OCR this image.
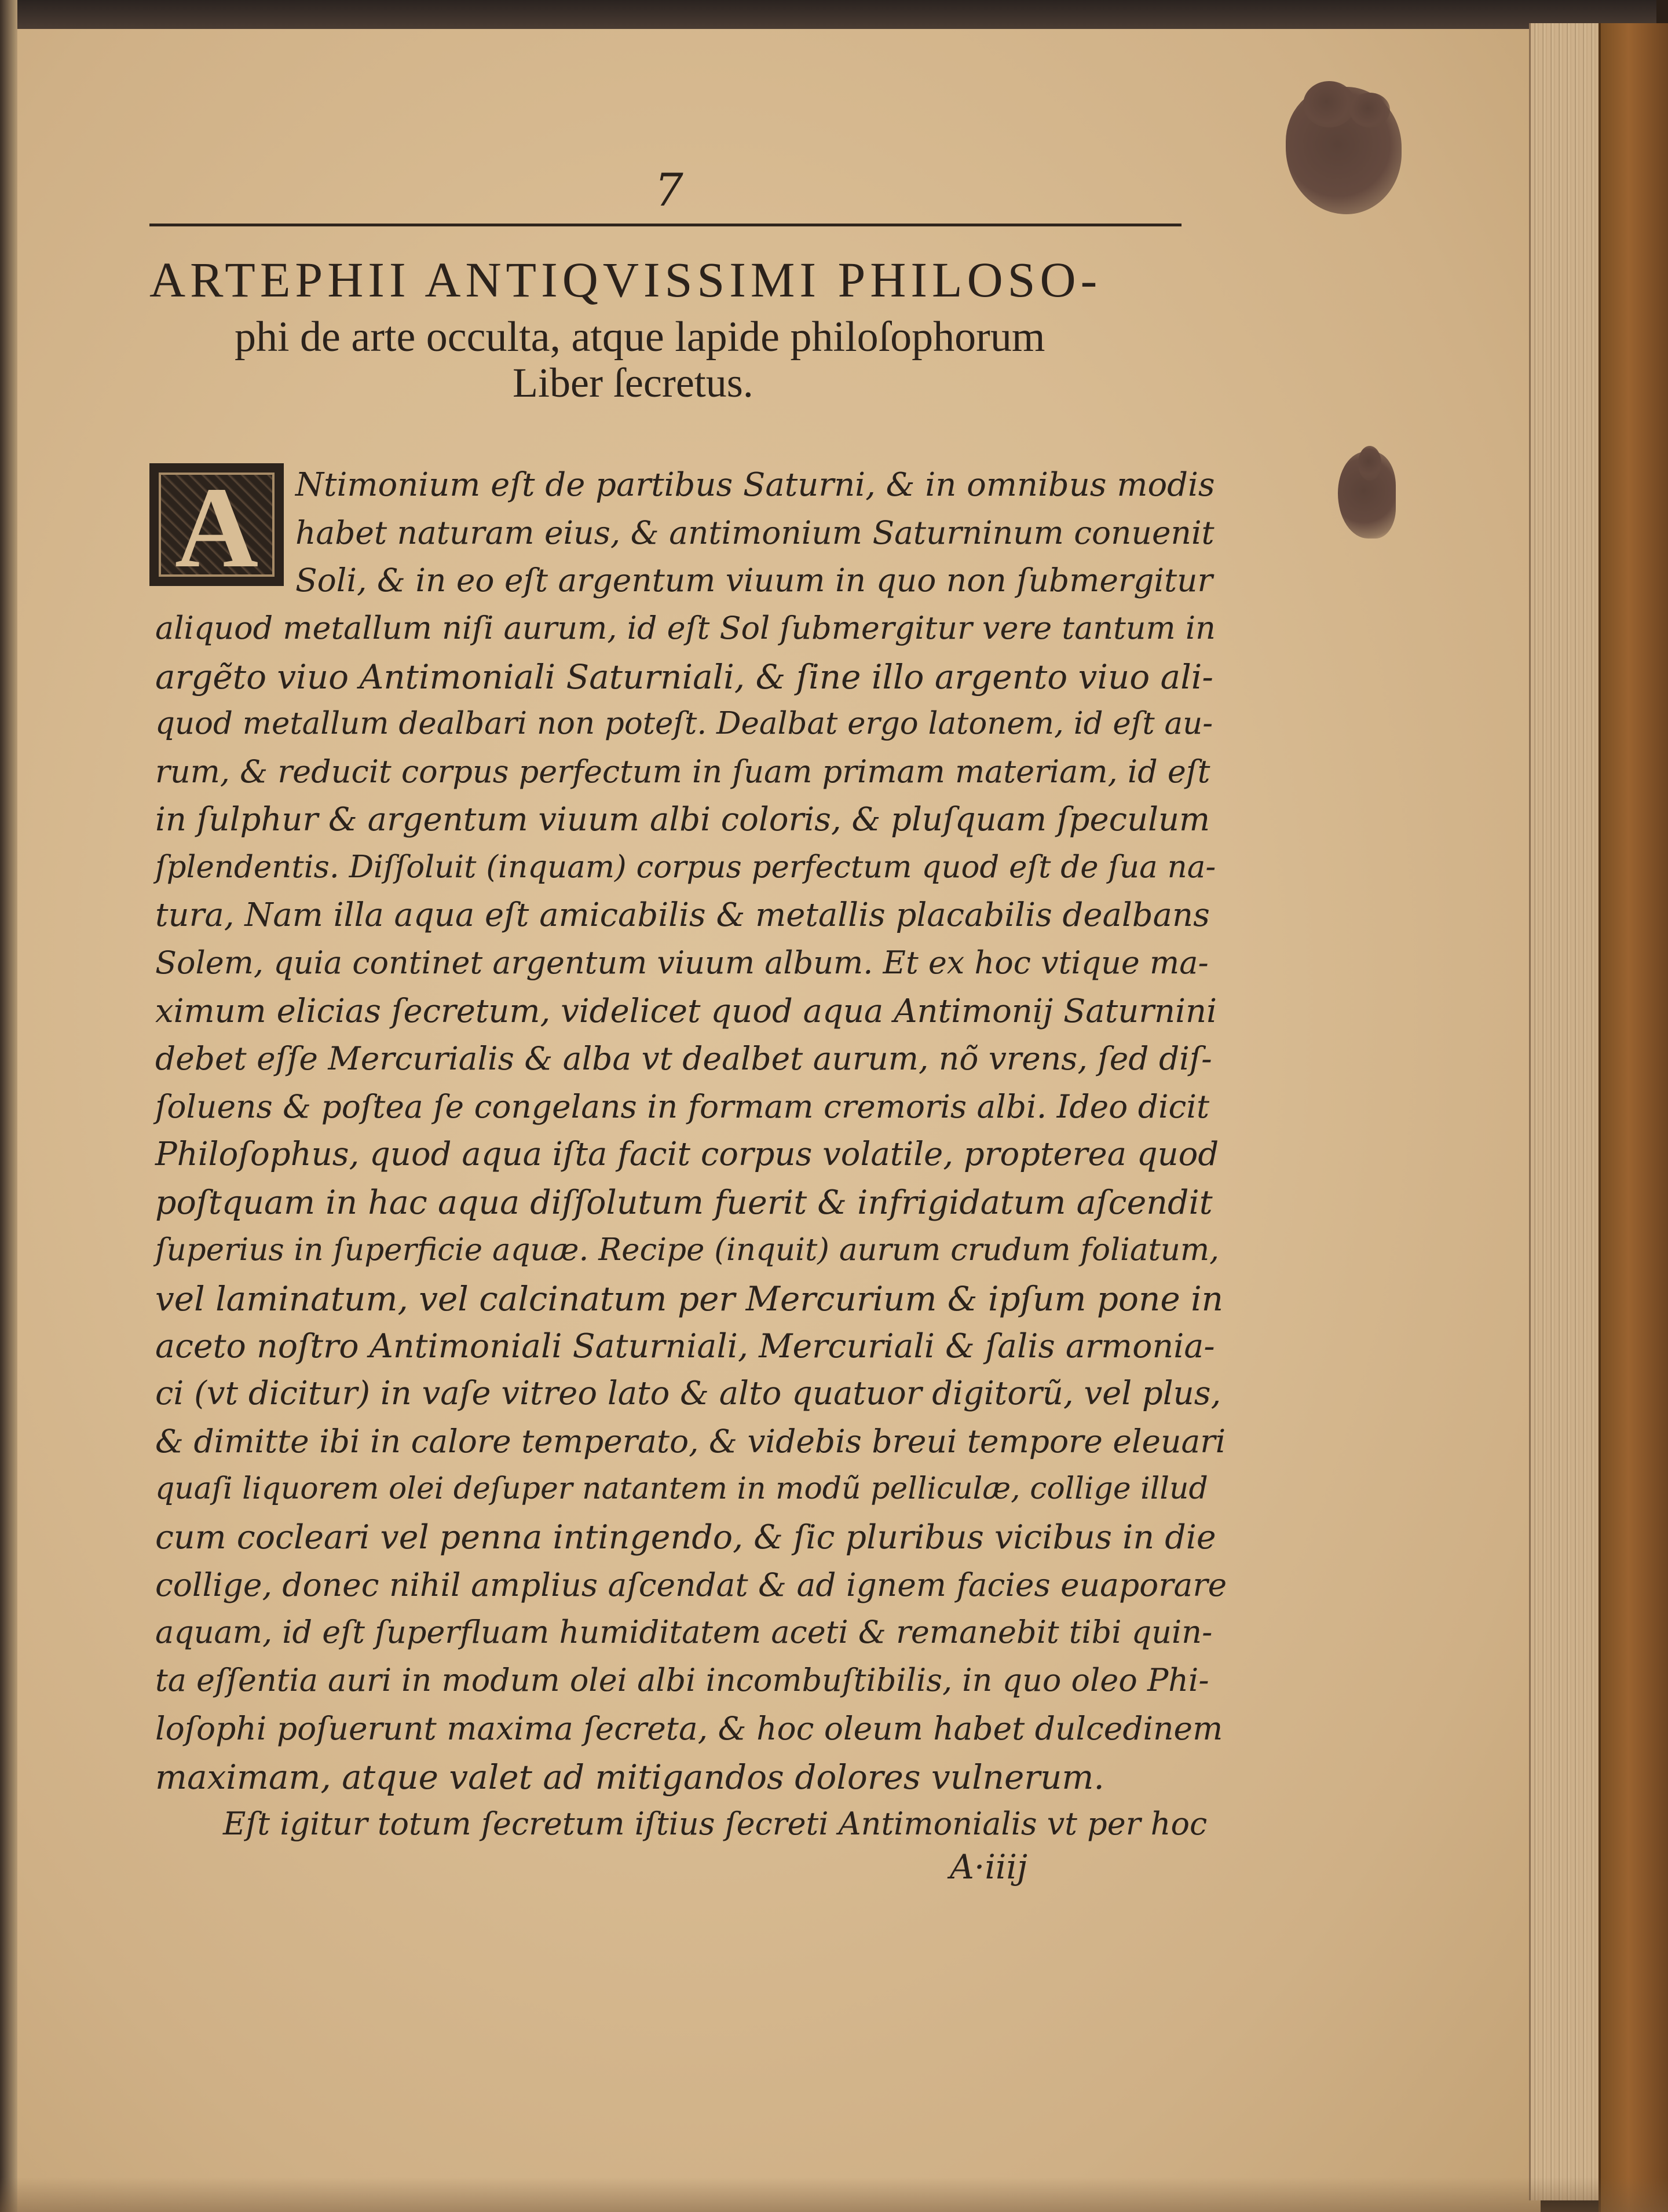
7
ARTEPHII ANTIQVISSIMI PHILOSO-
phi de arte occulta, atque lapide philoſophorum
Liber ſecretus.
A	Ntimonium eſt de partibus Saturni, & in omnibus modis
habet naturam eius, & antimonium Saturninum conuenit
Soli, & in eo eſt argentum viuum in quo non ſubmergitur
aliquod metallum niſi aurum, id eſt Sol ſubmergitur vere tantum in
argẽto viuo Antimoniali Saturniali, & ſine illo argento viuo ali-
quod metallum dealbari non poteſt. Dealbat ergo latonem, id eſt au-
rum, & reducit corpus perfectum in ſuam primam materiam, id eſt
in ſulphur & argentum viuum albi coloris, & pluſquam ſpeculum
ſplendentis. Diſſoluit (inquam) corpus perfectum quod eſt de ſua na-
tura, Nam illa aqua eſt amicabilis & metallis placabilis dealbans
Solem, quia continet argentum viuum album. Et ex hoc vtique ma-
ximum elicias ſecretum, videlicet quod aqua Antimonij Saturnini
debet eſſe Mercurialis & alba vt dealbet aurum, nõ vrens, ſed diſ-
ſoluens & poſtea ſe congelans in formam cremoris albi. Ideo dicit
Philoſophus, quod aqua iſta facit corpus volatile, propterea quod
poſtquam in hac aqua diſſolutum fuerit & infrigidatum aſcendit
ſuperius in ſuperficie aquæ. Recipe (inquit) aurum crudum foliatum,
vel laminatum, vel calcinatum per Mercurium & ipſum pone in
aceto noſtro Antimoniali Saturniali, Mercuriali & ſalis armonia-
ci (vt dicitur) in vaſe vitreo lato & alto quatuor digitorũ, vel plus,
& dimitte ibi in calore temperato, & videbis breui tempore eleuari
quaſi liquorem olei deſuper natantem in modũ pelliculæ, collige illud
cum cocleari vel penna intingendo, & ſic pluribus vicibus in die
collige, donec nihil amplius aſcendat & ad ignem facies euaporare
aquam, id eſt ſuperfluam humiditatem aceti & remanebit tibi quin-
ta eſſentia auri in modum olei albi incombuſtibilis, in quo oleo Phi-
loſophi poſuerunt maxima ſecreta, & hoc oleum habet dulcedinem
maximam, atque valet ad mitigandos dolores vulnerum.
Eſt igitur totum ſecretum iſtius ſecreti Antimonialis vt per hoc
A·iiij
